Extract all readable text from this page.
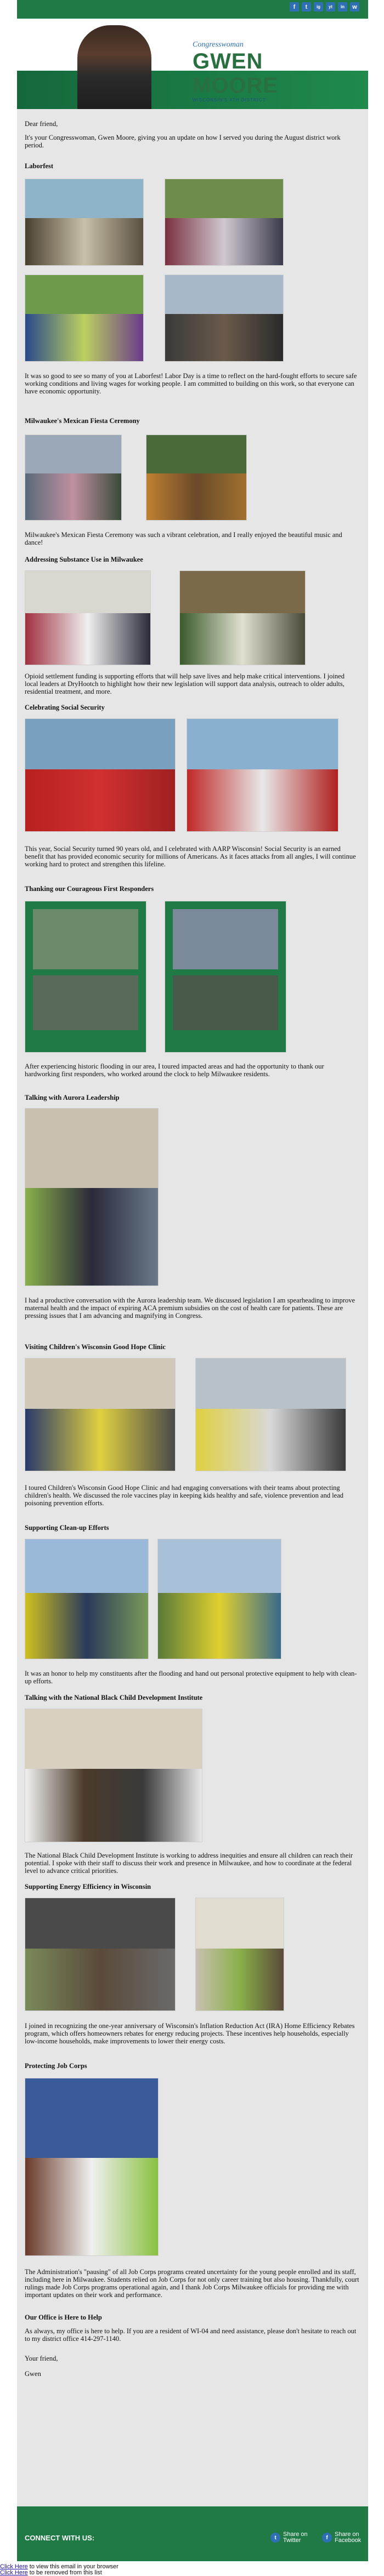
f	t	ig	yt	in	w
Congresswoman
GWEN MOORE
WISCONSIN'S 4TH DISTRICT

Dear friend,

It's your Congresswoman, Gwen Moore, giving you an update on how I served you during the August district work period.

Laborfest

It was so good to see so many of you at Laborfest! Labor Day is a time to reflect on the hard-fought efforts to secure safe working conditions and living wages for working people. I am committed to building on this work, so that everyone can have economic opportunity.

Milwaukee's Mexican Fiesta Ceremony

Milwaukee's Mexican Fiesta Ceremony was such a vibrant celebration, and I really enjoyed the beautiful music and dance!

Addressing Substance Use in Milwaukee

Opioid settlement funding is supporting efforts that will help save lives and help make critical interventions. I joined local leaders at DryHootch to highlight how their new legislation will support data analysis, outreach to older adults, residential treatment, and more.

Celebrating Social Security

This year, Social Security turned 90 years old, and I celebrated with AARP Wisconsin! Social Security is an earned benefit that has provided economic security for millions of Americans. As it faces attacks from all angles, I will continue working hard to protect and strengthen this lifeline.

Thanking our Courageous First Responders

After experiencing historic flooding in our area, I toured impacted areas and had the opportunity to thank our hardworking first responders, who worked around the clock to help Milwaukee residents.

Talking with Aurora Leadership

I had a productive conversation with the Aurora leadership team. We discussed legislation I am spearheading to improve maternal health and the impact of expiring ACA premium subsidies on the cost of health care for patients. These are pressing issues that I am advancing and magnifying in Congress.

Visiting Children's Wisconsin Good Hope Clinic

I toured Children's Wisconsin Good Hope Clinic and had engaging conversations with their teams about protecting children's health. We discussed the role vaccines play in keeping kids healthy and safe, violence prevention and lead poisoning prevention efforts.

Supporting Clean-up Efforts

It was an honor to help my constituents after the flooding and hand out personal protective equipment to help with clean-up efforts.

Talking with the National Black Child Development Institute

The National Black Child Development Institute is working to address inequities and ensure all children can reach their potential. I spoke with their staff to discuss their work and presence in Milwaukee, and how to coordinate at the federal level to advance critical priorities.

Supporting Energy Efficiency in Wisconsin

I joined in recognizing the one-year anniversary of Wisconsin's Inflation Reduction Act (IRA) Home Efficiency Rebates program, which offers homeowners rebates for energy reducing projects. These incentives help households, especially low-income households, make improvements to lower their energy costs.

Protecting Job Corps

The Administration's "pausing" of all Job Corps programs created uncertainty for the young people enrolled and its staff, including here in Milwaukee. Students relied on Job Corps for not only career training but also housing. Thankfully, court rulings made Job Corps programs operational again, and I thank Job Corps Milwaukee officials for providing me with important updates on their work and performance.

Our Office is Here to Help

As always, my office is here to help. If you are a resident of WI-04 and need assistance, please don't hesitate to reach out to my district office 414-297-1140.

Your friend,

Gwen

CONNECT WITH US:	t	Share on Twitter	f	Share on Facebook
Click Here to view this email in your browser
Click Here to be removed from this list
